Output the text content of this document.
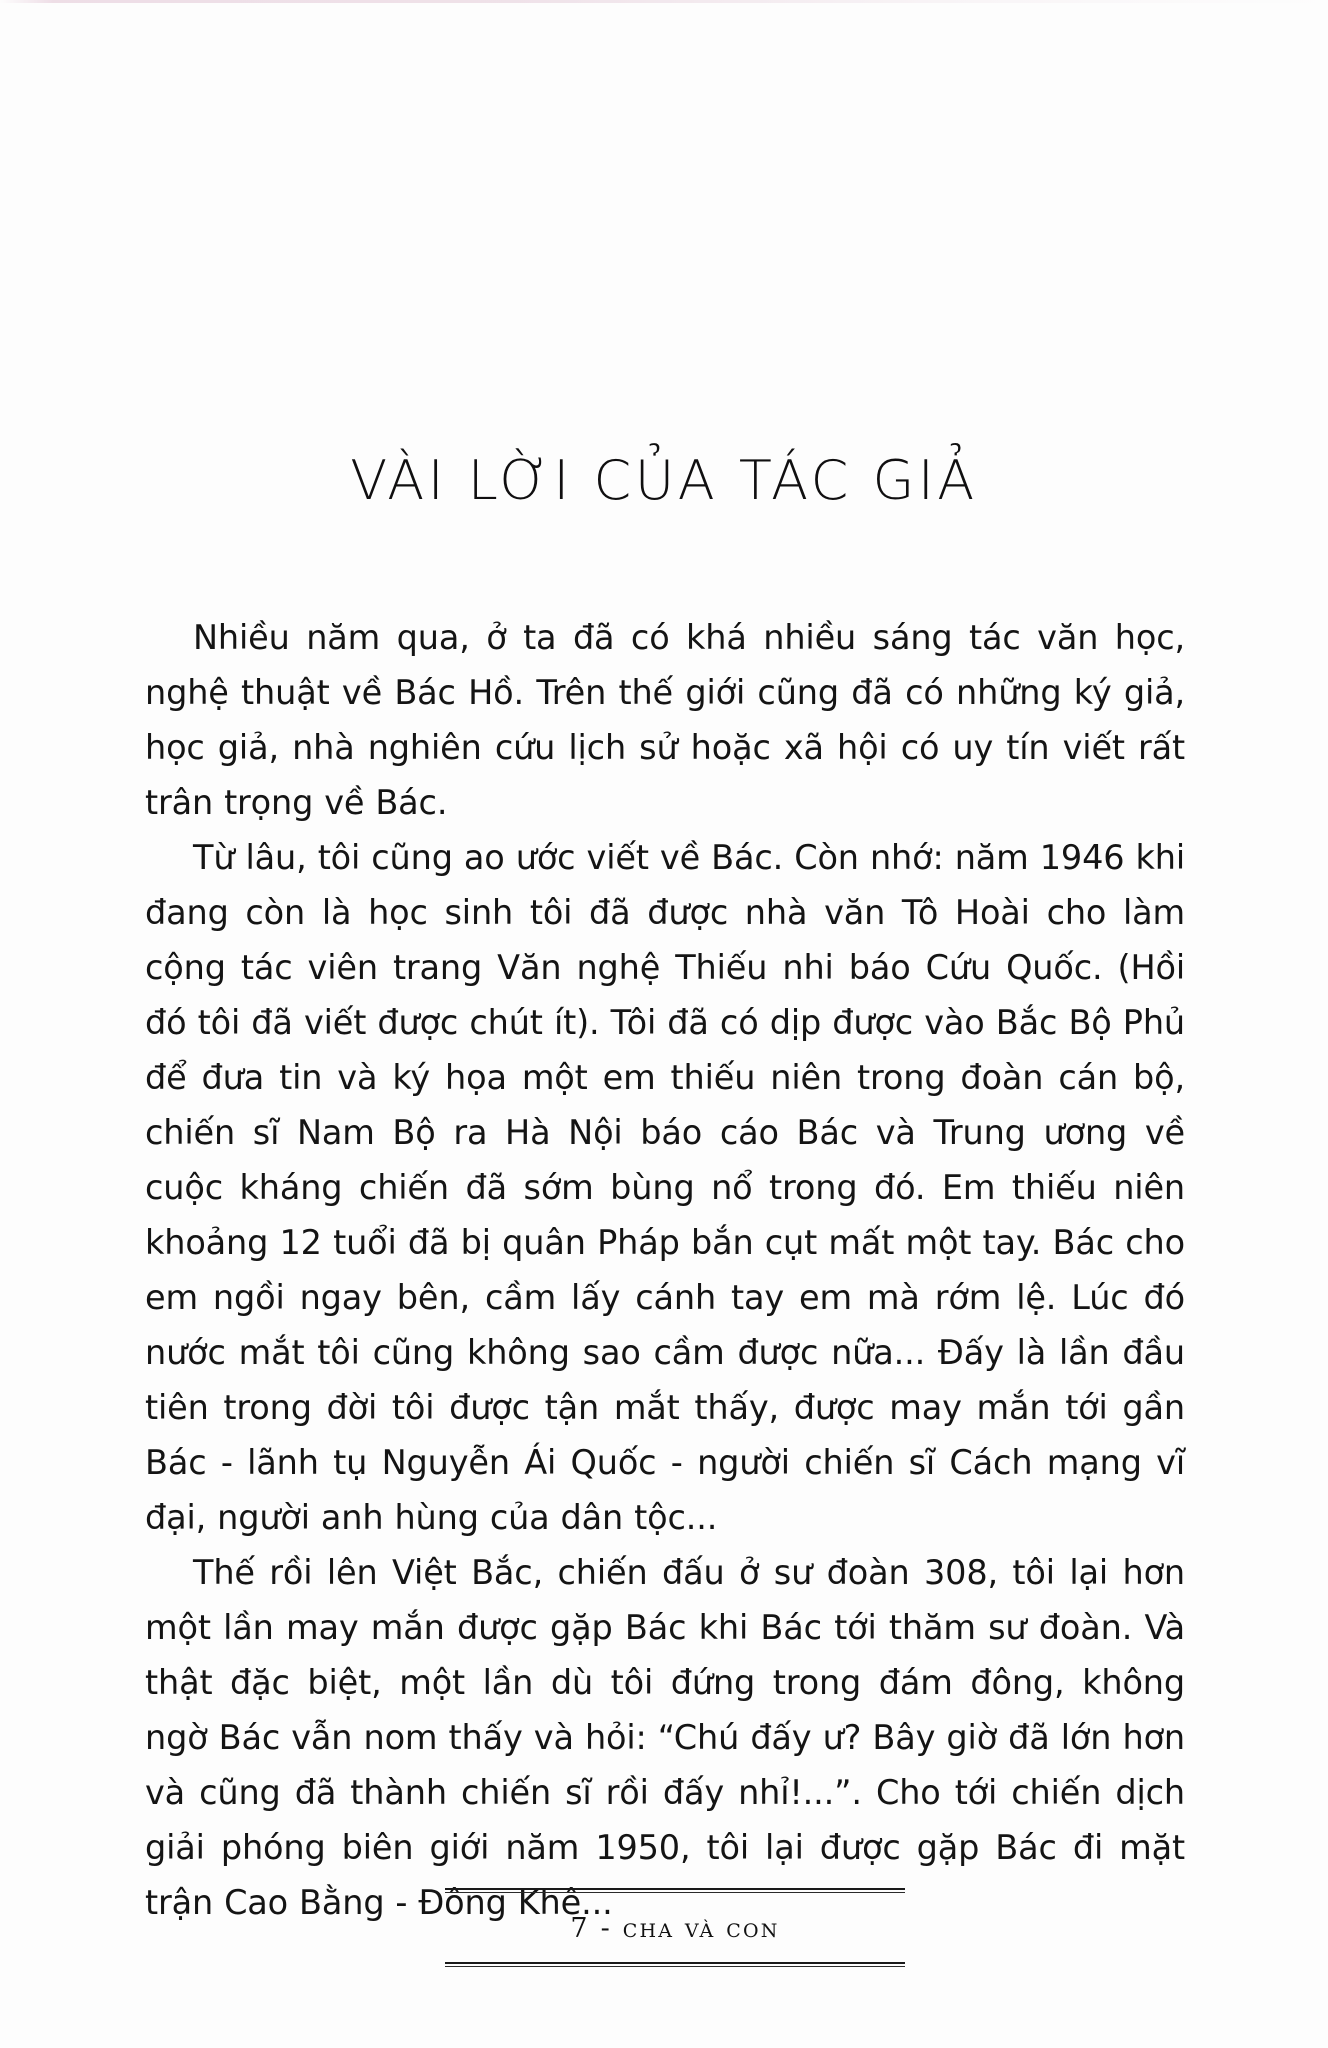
VÀI LỜI CỦA TÁC GIẢ

Nhiều năm qua, ở ta đã có khá nhiều sáng tác văn học, nghệ thuật về Bác Hồ. Trên thế giới cũng đã có những ký giả, học giả, nhà nghiên cứu lịch sử hoặc xã hội có uy tín viết rất trân trọng về Bác.

Từ lâu, tôi cũng ao ước viết về Bác. Còn nhớ: năm 1946 khi đang còn là học sinh tôi đã được nhà văn Tô Hoài cho làm cộng tác viên trang Văn nghệ Thiếu nhi báo Cứu Quốc. (Hồi đó tôi đã viết được chút ít). Tôi đã có dịp được vào Bắc Bộ Phủ để đưa tin và ký họa một em thiếu niên trong đoàn cán bộ, chiến sĩ Nam Bộ ra Hà Nội báo cáo Bác và Trung ương về cuộc kháng chiến đã sớm bùng nổ trong đó. Em thiếu niên khoảng 12 tuổi đã bị quân Pháp bắn cụt mất một tay. Bác cho em ngồi ngay bên, cầm lấy cánh tay em mà rớm lệ. Lúc đó nước mắt tôi cũng không sao cầm được nữa... Đấy là lần đầu tiên trong đời tôi được tận mắt thấy, được may mắn tới gần Bác - lãnh tụ Nguyễn Ái Quốc - người chiến sĩ Cách mạng vĩ đại, người anh hùng của dân tộc...

Thế rồi lên Việt Bắc, chiến đấu ở sư đoàn 308, tôi lại hơn một lần may mắn được gặp Bác khi Bác tới thăm sư đoàn. Và thật đặc biệt, một lần dù tôi đứng trong đám đông, không ngờ Bác vẫn nom thấy và hỏi: “Chú đấy ư? Bây giờ đã lớn hơn và cũng đã thành chiến sĩ rồi đấy nhỉ!...”. Cho tới chiến dịch giải phóng biên giới năm 1950, tôi lại được gặp Bác đi mặt trận Cao Bằng - Đông Khê...

7 - cha và con
